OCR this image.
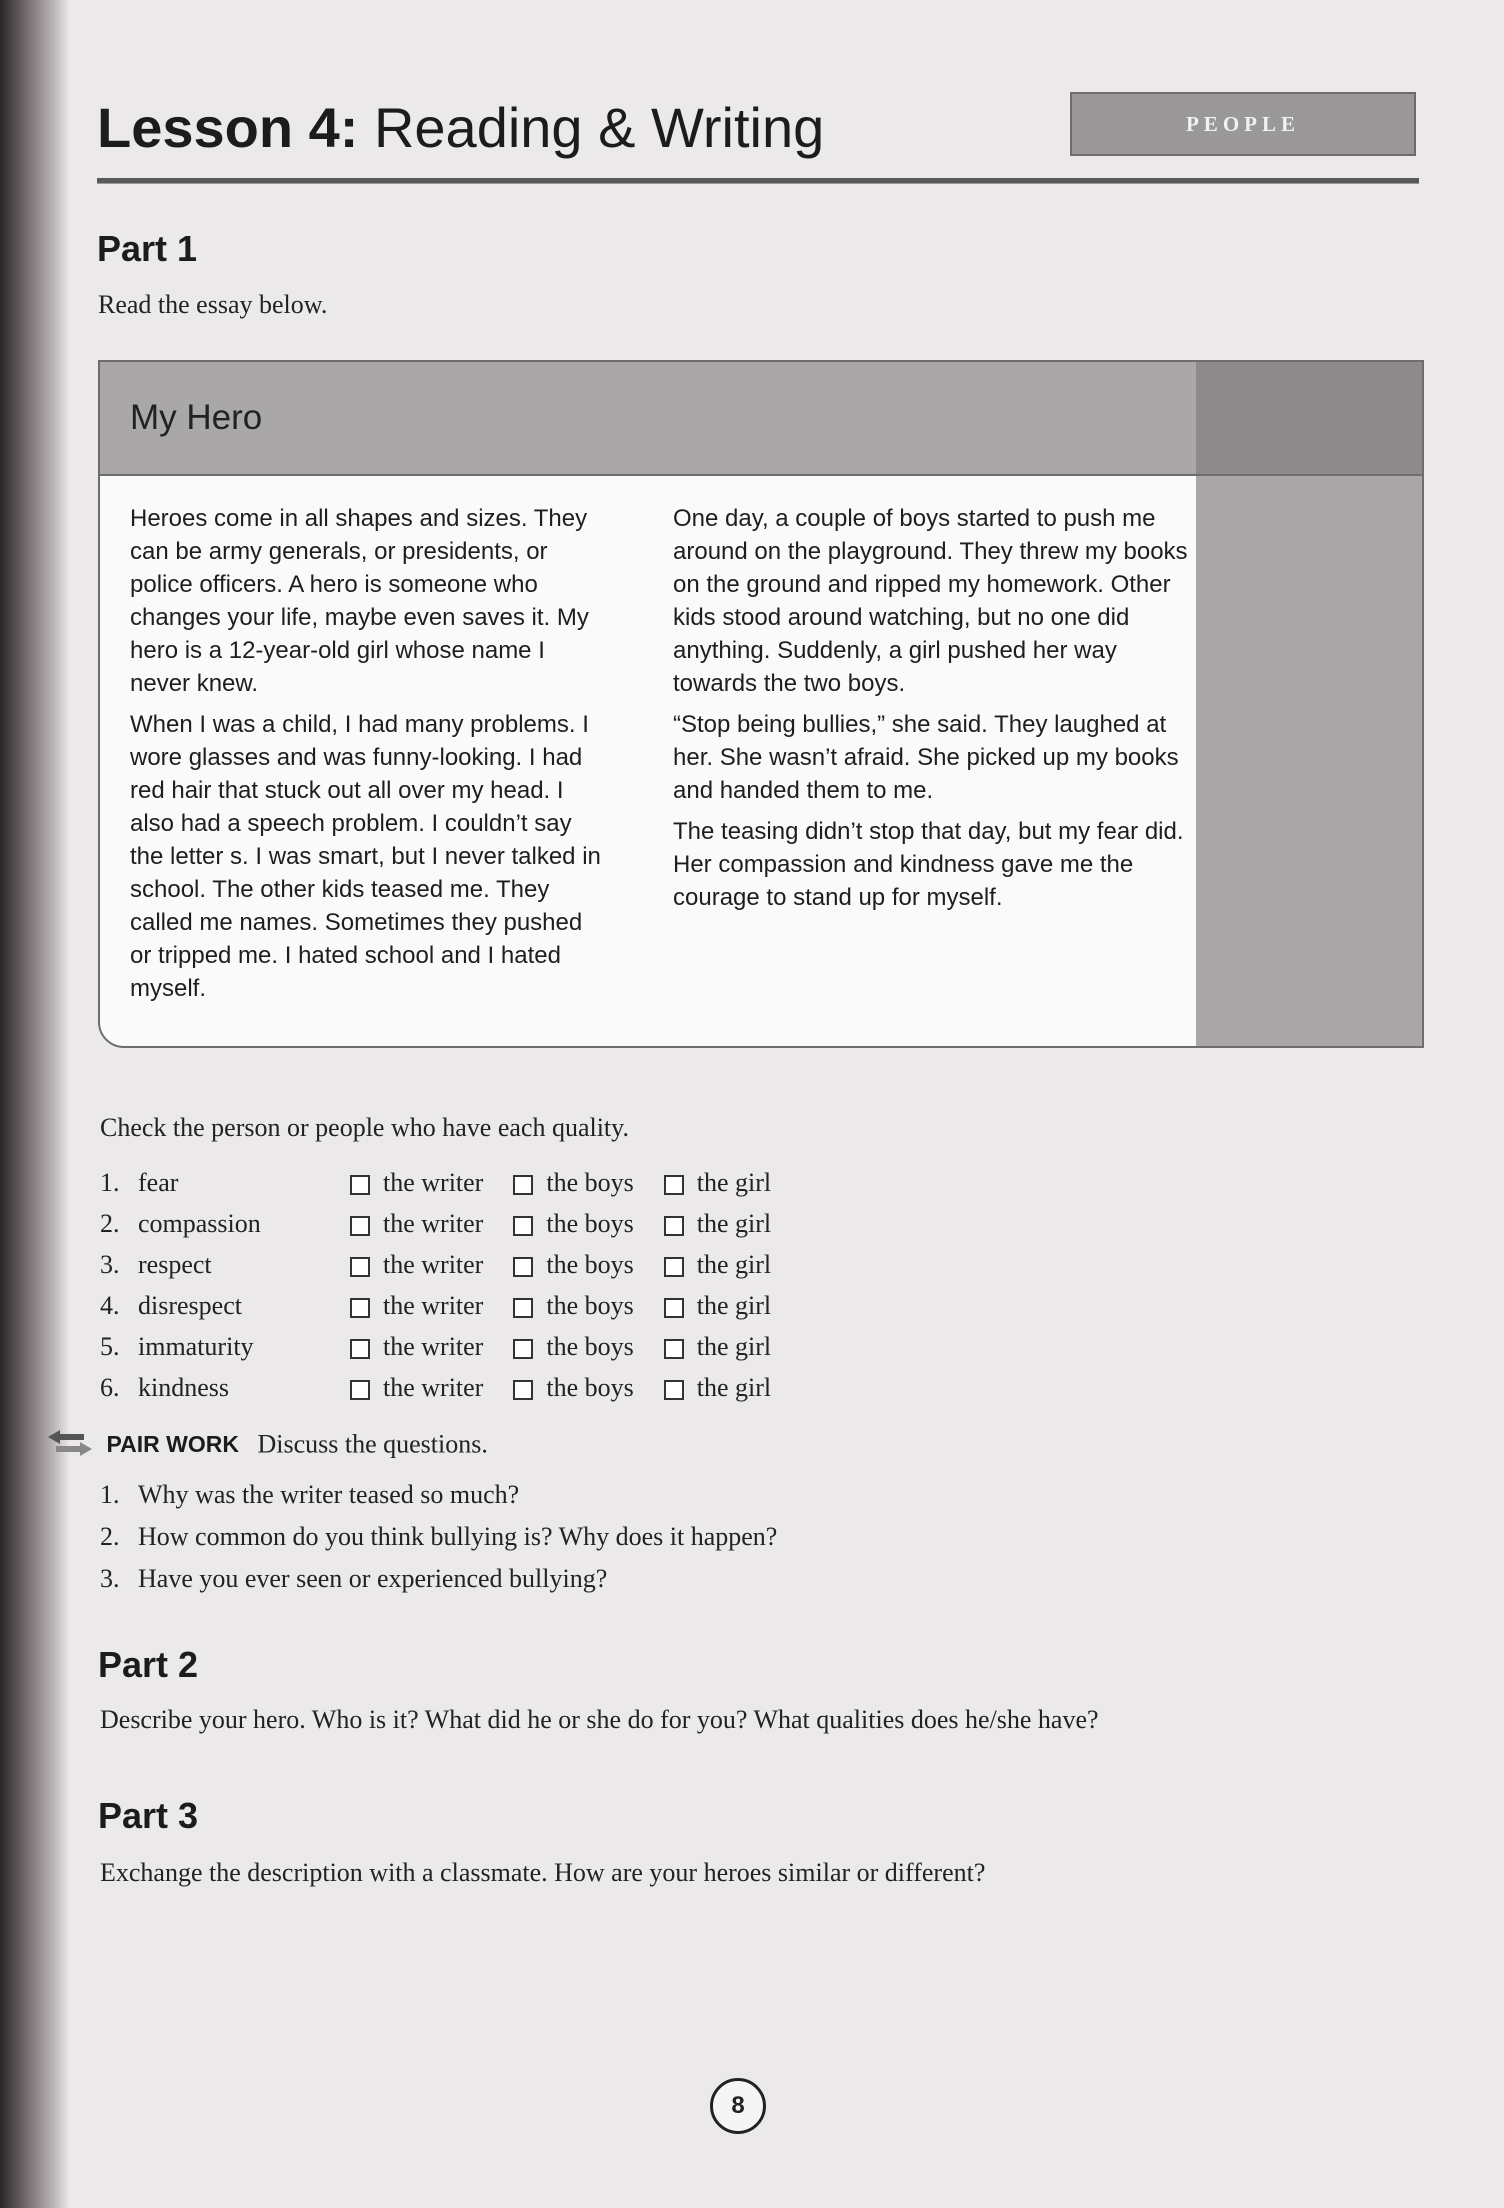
Lesson 4: Reading & Writing	PEOPLE
Part 1

Read the essay below.

My Hero

Heroes come in all shapes and sizes. They can be army generals, or presidents, or police officers. A hero is someone who changes your life, maybe even saves it. My hero is a 12-year-old girl whose name I never knew.

When I was a child, I had many problems. I wore glasses and was funny-looking. I had red hair that stuck out all over my head. I also had a speech problem. I couldn’t say the letter s. I was smart, but I never talked in school. The other kids teased me. They called me names. Sometimes they pushed or tripped me. I hated school and I hated myself.

One day, a couple of boys started to push me around on the playground. They threw my books on the ground and ripped my homework. Other kids stood around watching, but no one did anything. Suddenly, a girl pushed her way towards the two boys.

“Stop being bullies,” she said. They laughed at her. She wasn’t afraid. She picked up my books and handed them to me.

The teasing didn’t stop that day, but my fear did. Her compassion and kindness gave me the courage to stand up for myself.

Check the person or people who have each quality.

1.	fear	the writer	the boys	the girl
2.	compassion	the writer	the boys	the girl
3.	respect	the writer	the boys	the girl
4.	disrespect	the writer	the boys	the girl
5.	immaturity	the writer	the boys	the girl
6.	kindness	the writer	the boys	the girl
PAIR WORK Discuss the questions.
1. Why was the writer teased so much?
2. How common do you think bullying is? Why does it happen?
3. Have you ever seen or experienced bullying?
Part 2

Describe your hero. Who is it? What did he or she do for you? What qualities does he/she have?

Part 3

Exchange the description with a classmate. How are your heroes similar or different?

8
